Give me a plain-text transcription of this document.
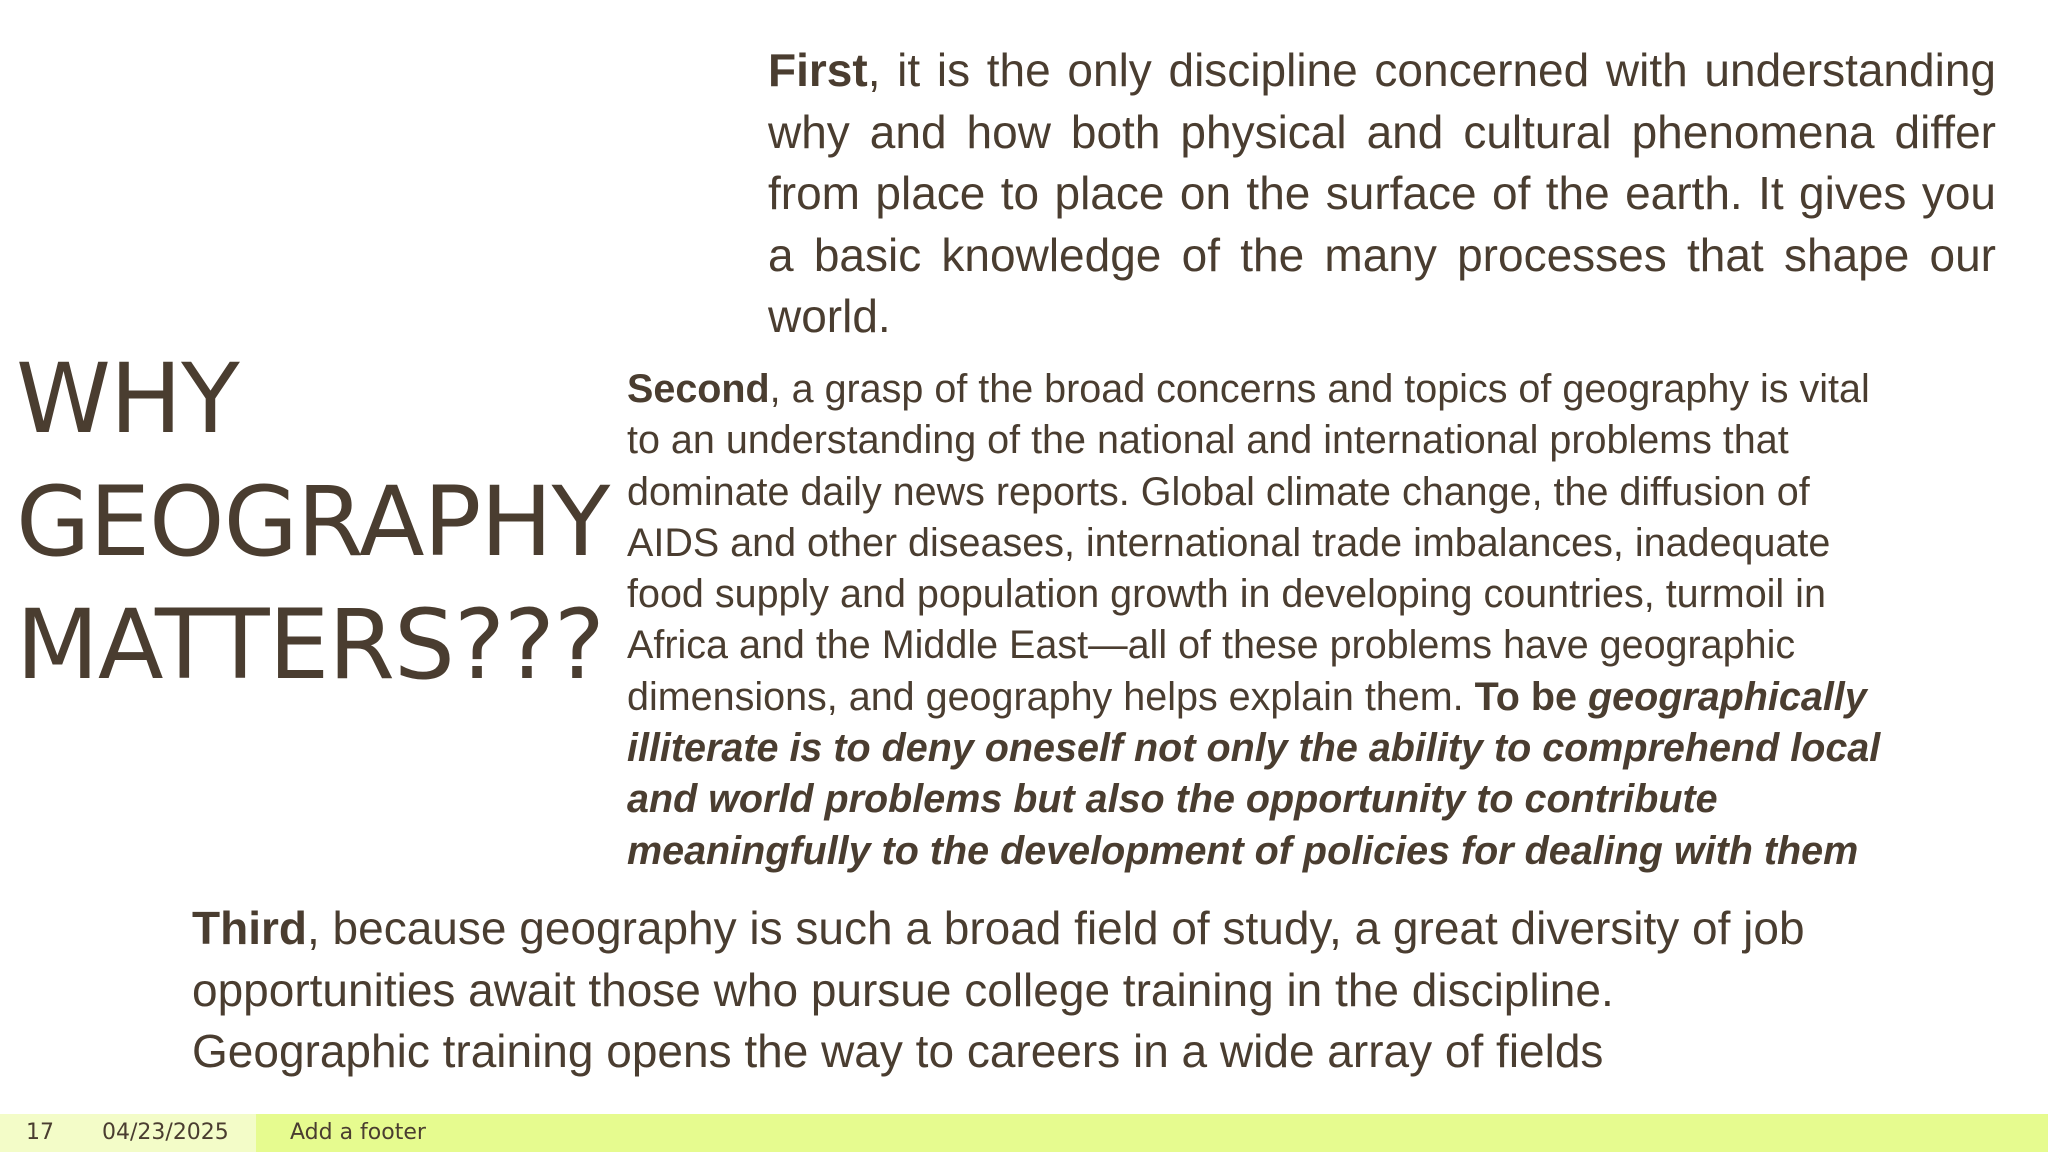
WHY
GEOGRAPHY
MATTERS???

First, it is the only discipline concerned with understanding why and how both physical and cultural phenomena differ from place to place on the surface of the earth. It gives you a basic knowledge of the many processes that shape our world.

Second, a grasp of the broad concerns and topics of geography is vital
to an understanding of the national and international problems that
dominate daily news reports. Global climate change, the diffusion of
AIDS and other diseases, international trade imbalances, inadequate
food supply and population growth in developing countries, turmoil in
Africa and the Middle East—all of these problems have geographic
dimensions, and geography helps explain them. To be geographically
illiterate is to deny oneself not only the ability to comprehend local
and world problems but also the opportunity to contribute
meaningfully to the development of policies for dealing with them

Third, because geography is such a broad field of study, a great diversity of job
opportunities await those who pursue college training in the discipline.
Geographic training opens the way to careers in a wide array of fields

17 04/23/2025	Add a footer
